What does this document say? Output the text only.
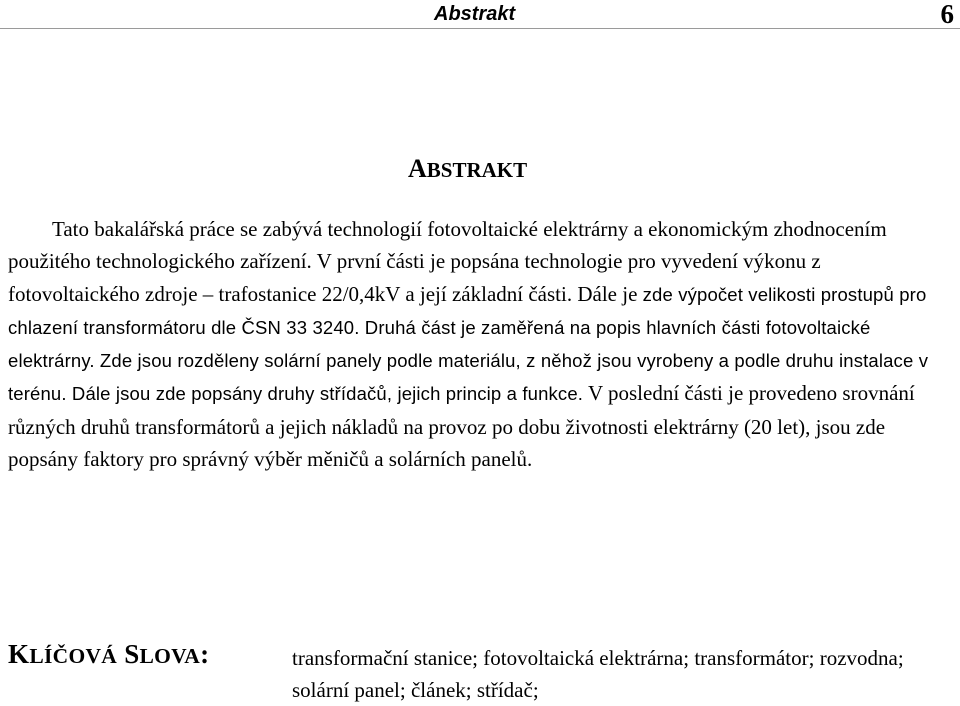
Abstrakt	6
ABSTRAKT

Tato bakalářská práce se zabývá technologií fotovoltaické elektrárny a ekonomickým zhodnocením použitého technologického zařízení. V první části je popsána technologie pro vyvedení výkonu z fotovoltaického zdroje – trafostanice 22/0,4kV a její základní části. Dále je zde výpočet velikosti prostupů pro chlazení transformátoru dle ČSN 33 3240. Druhá část je zaměřená na popis hlavních části fotovoltaické elektrárny. Zde jsou rozděleny solární panely podle materiálu, z něhož jsou vyrobeny a podle druhu instalace v terénu. Dále jsou zde popsány druhy střídačů, jejich princip a funkce. V poslední části je provedeno srovnání různých druhů transformátorů a jejich nákladů na provoz po dobu životnosti elektrárny (20 let), jsou zde popsány faktory pro správný výběr měničů a solárních panelů.

KLÍČOVÁ SLOVA:	transformační stanice; fotovoltaická elektrárna; transformátor; rozvodna; solární panel; článek; střídač;
